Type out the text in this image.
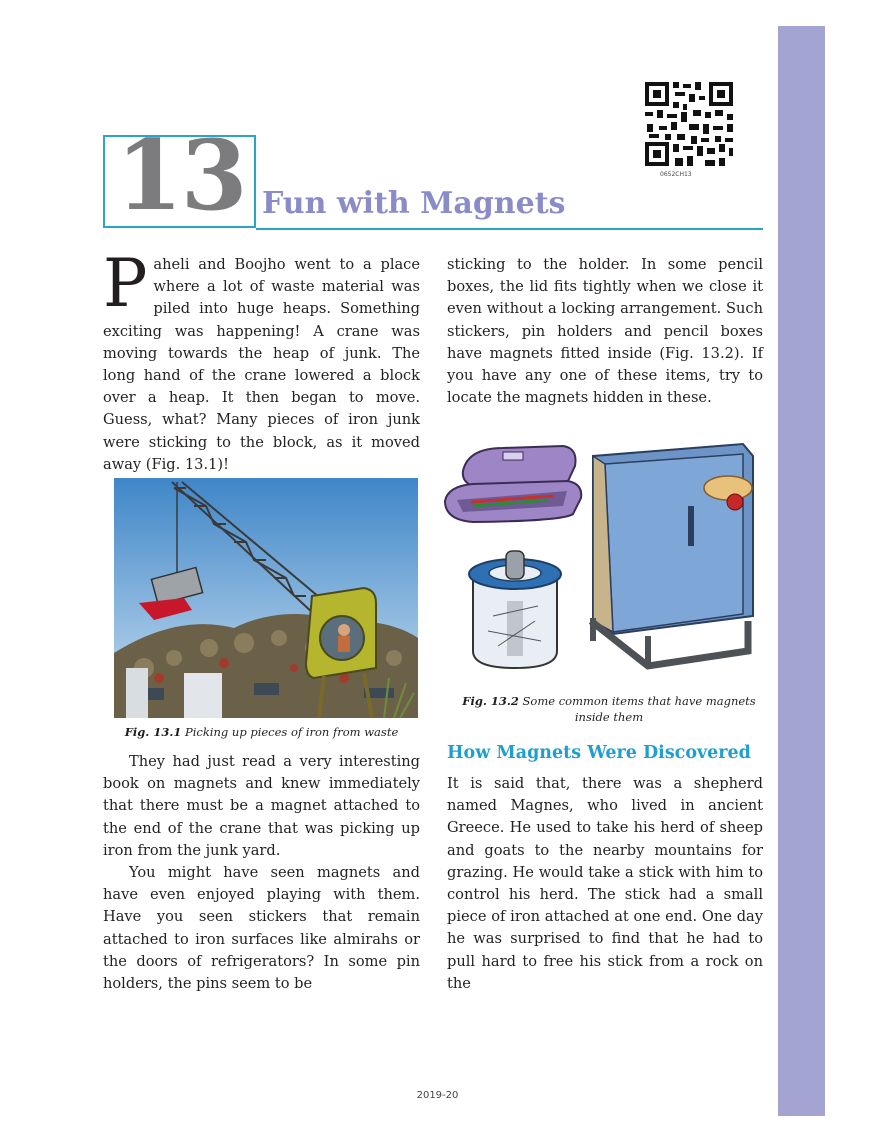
0652CH13
13 Fun with Magnets

Paheli and Boojho went to a place where a lot of waste material was piled into huge heaps. Something exciting was happening! A crane was moving towards the heap of junk. The long hand of the crane lowered a block over a heap. It then began to move. Guess, what? Many pieces of iron junk were sticking to the block, as it moved away (Fig. 13.1)!

Fig. 13.1 Picking up pieces of iron from waste

They had just read a very interesting book on magnets and knew immediately that there must be a magnet attached to the end of the crane that was picking up iron from the junk yard.

You might have seen magnets and have even enjoyed playing with them. Have you seen stickers that remain attached to iron surfaces like almirahs or the doors of refrigerators? In some pin holders, the pins seem to be

sticking to the holder. In some pencil boxes, the lid fits tightly when we close it even without a locking arrangement. Such stickers, pin holders and pencil boxes have magnets fitted inside (Fig. 13.2). If you have any one of these items, try to locate the magnets hidden in these.

Fig. 13.2 Some common items that have magnets inside them
How Magnets Were Discovered

It is said that, there was a shepherd named Magnes, who lived in ancient Greece. He used to take his herd of sheep and goats to the nearby mountains for grazing. He would take a stick with him to control his herd. The stick had a small piece of iron attached at one end. One day he was surprised to find that he had to pull hard to free his stick from a rock on the

2019-20
